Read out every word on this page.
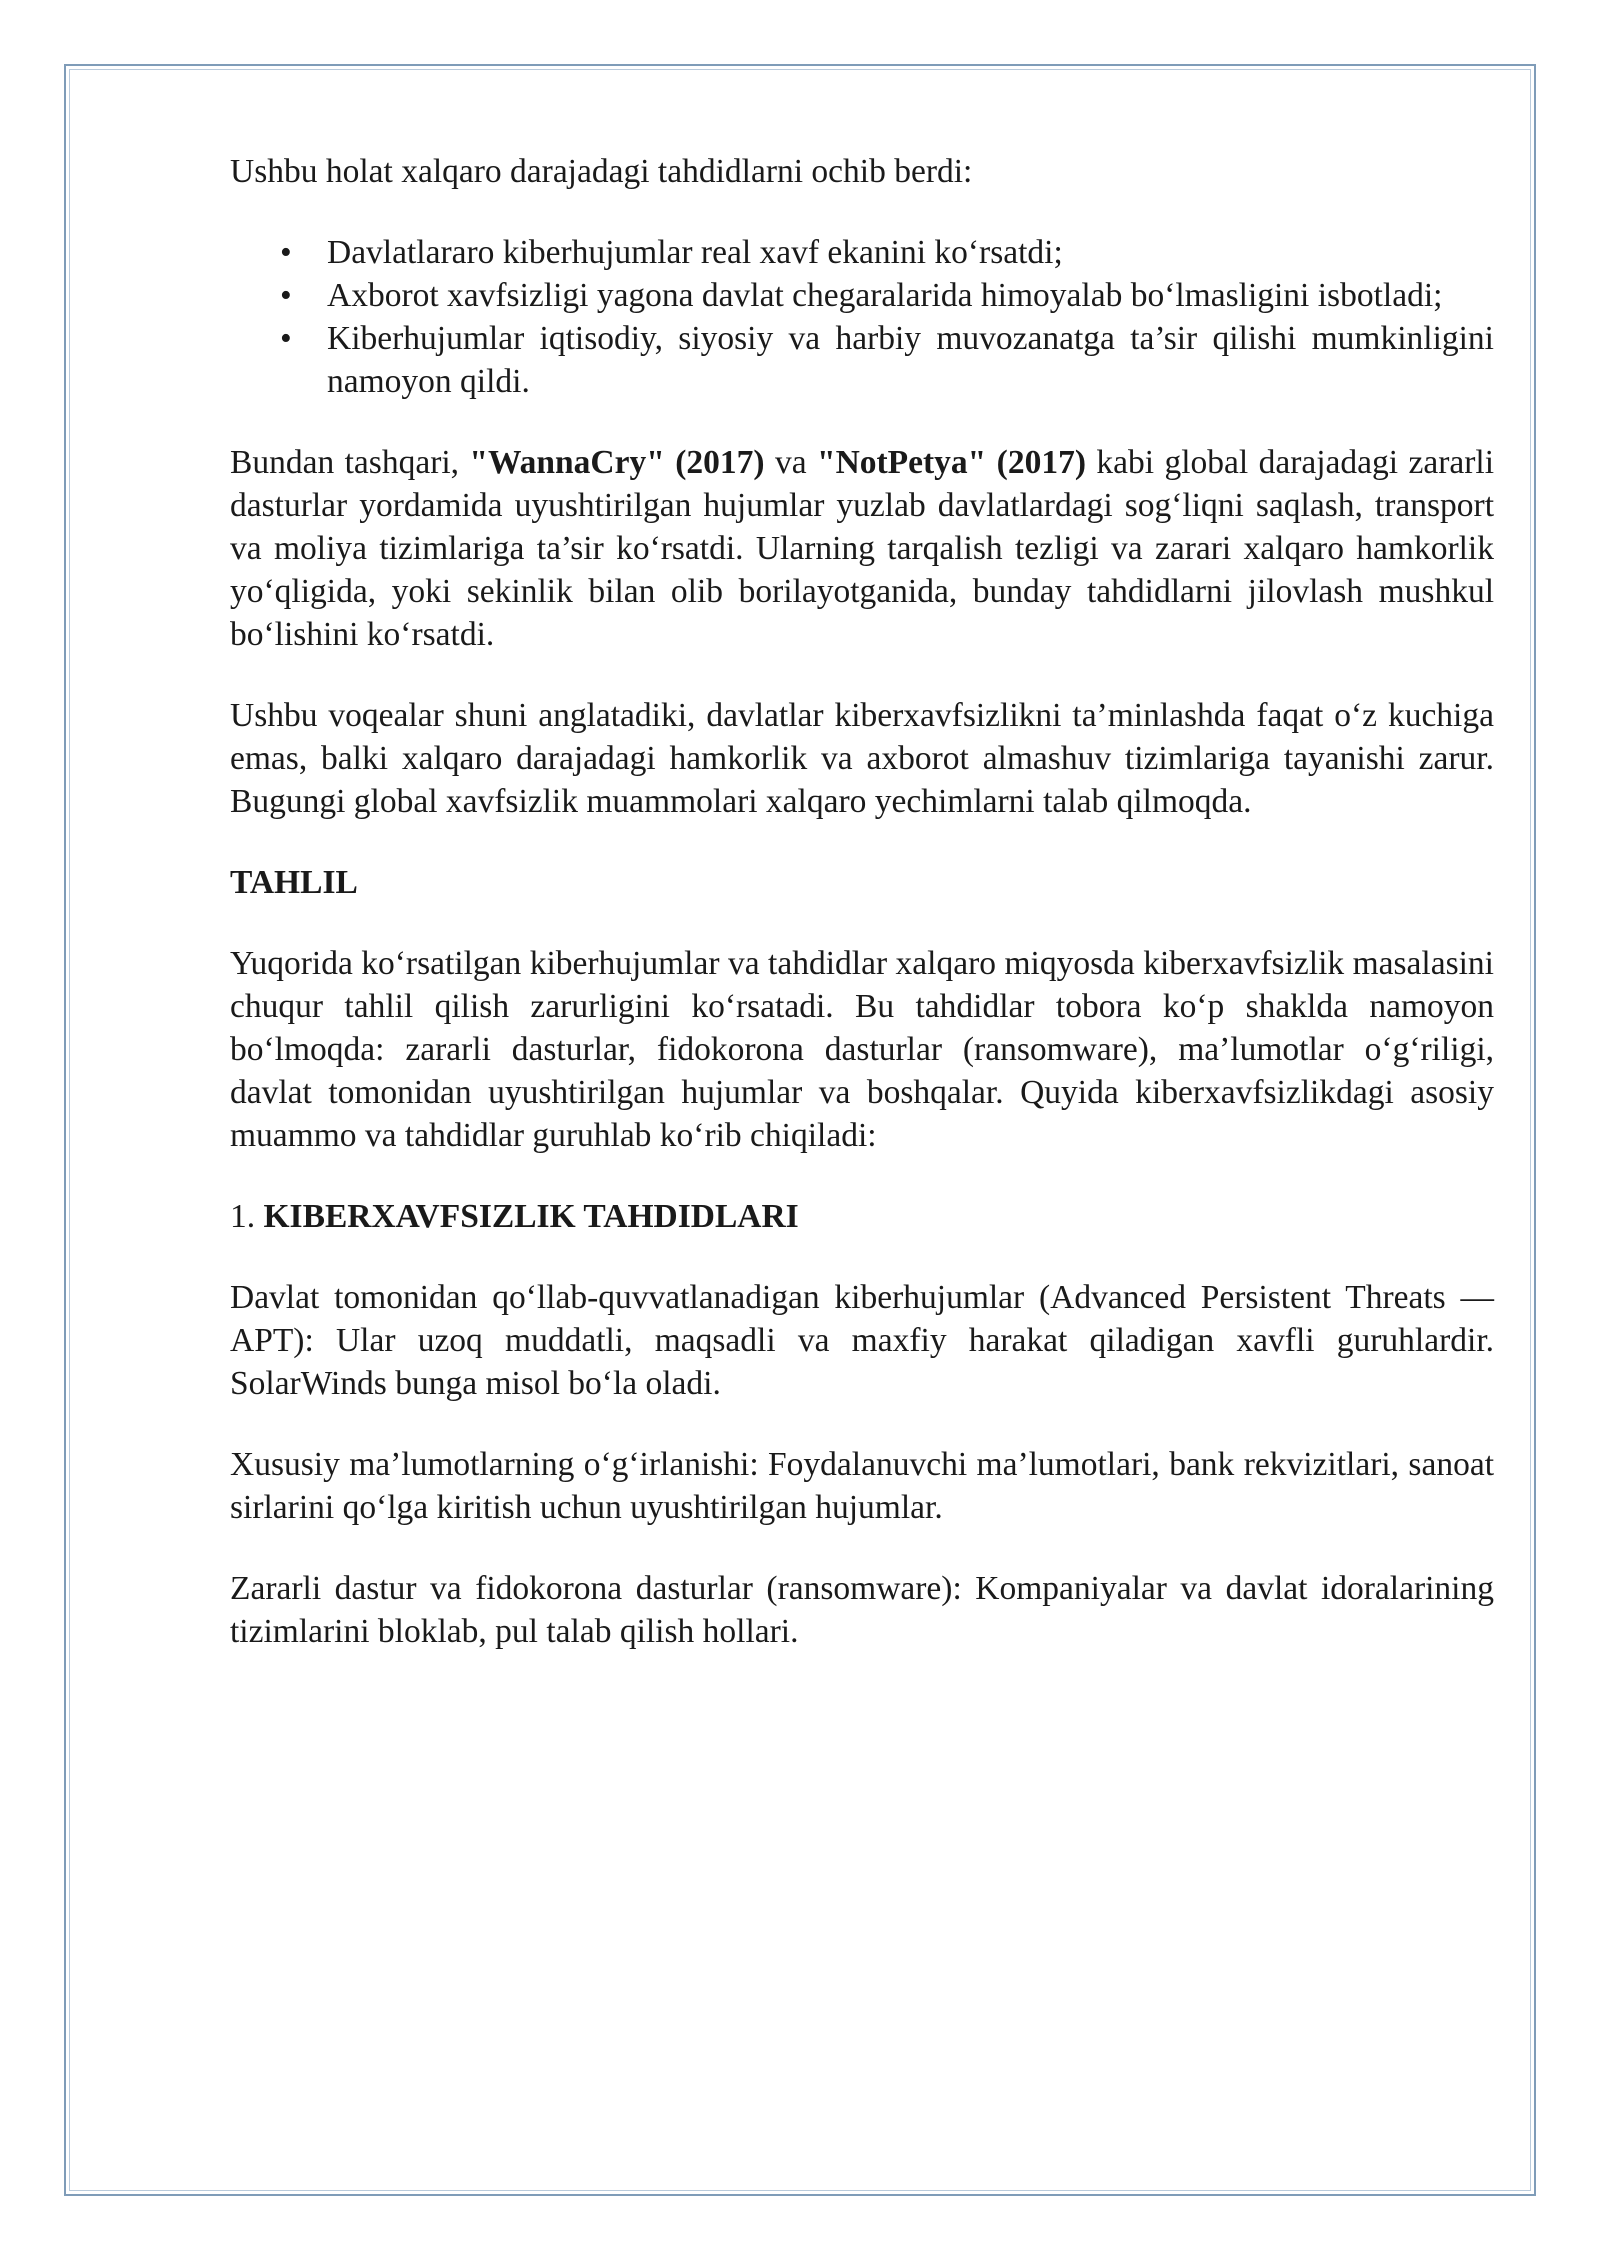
Ushbu holat xalqaro darajadagi tahdidlarni ochib berdi:

• Davlatlararo kiberhujumlar real xavf ekanini ko‘rsatdi;
• Axborot xavfsizligi yagona davlat chegaralarida himoyalab bo‘lmasligini isbotladi;
• Kiberhujumlar iqtisodiy, siyosiy va harbiy muvozanatga ta’sir qilishi mumkinligini namoyon qildi.

Bundan tashqari, "WannaCry" (2017) va "NotPetya" (2017) kabi global darajadagi zararli dasturlar yordamida uyushtirilgan hujumlar yuzlab davlatlardagi sog‘liqni saqlash, transport va moliya tizimlariga ta’sir ko‘rsatdi. Ularning tarqalish tezligi va zarari xalqaro hamkorlik yo‘qligida, yoki sekinlik bilan olib borilayotganida, bunday tahdidlarni jilovlash mushkul bo‘lishini ko‘rsatdi.

Ushbu voqealar shuni anglatadiki, davlatlar kiberxavfsizlikni ta’minlashda faqat o‘z kuchiga emas, balki xalqaro darajadagi hamkorlik va axborot almashuv tizimlariga tayanishi zarur. Bugungi global xavfsizlik muammolari xalqaro yechimlarni talab qilmoqda.

TAHLIL

Yuqorida ko‘rsatilgan kiberhujumlar va tahdidlar xalqaro miqyosda kiberxavfsizlik masalasini chuqur tahlil qilish zarurligini ko‘rsatadi. Bu tahdidlar tobora ko‘p shaklda namoyon bo‘lmoqda: zararli dasturlar, fidokorona dasturlar (ransomware), ma’lumotlar o‘g‘riligi, davlat tomonidan uyushtirilgan hujumlar va boshqalar. Quyida kiberxavfsizlikdagi asosiy muammo va tahdidlar guruhlab ko‘rib chiqiladi:

1. KIBERXAVFSIZLIK TAHDIDLARI

Davlat tomonidan qo‘llab-quvvatlanadigan kiberhujumlar (Advanced Persistent Threats — APT): Ular uzoq muddatli, maqsadli va maxfiy harakat qiladigan xavfli guruhlardir. SolarWinds bunga misol bo‘la oladi.

Xususiy ma’lumotlarning o‘g‘irlanishi: Foydalanuvchi ma’lumotlari, bank rekvizitlari, sanoat sirlarini qo‘lga kiritish uchun uyushtirilgan hujumlar.

Zararli dastur va fidokorona dasturlar (ransomware): Kompaniyalar va davlat idoralarining tizimlarini bloklab, pul talab qilish hollari.
